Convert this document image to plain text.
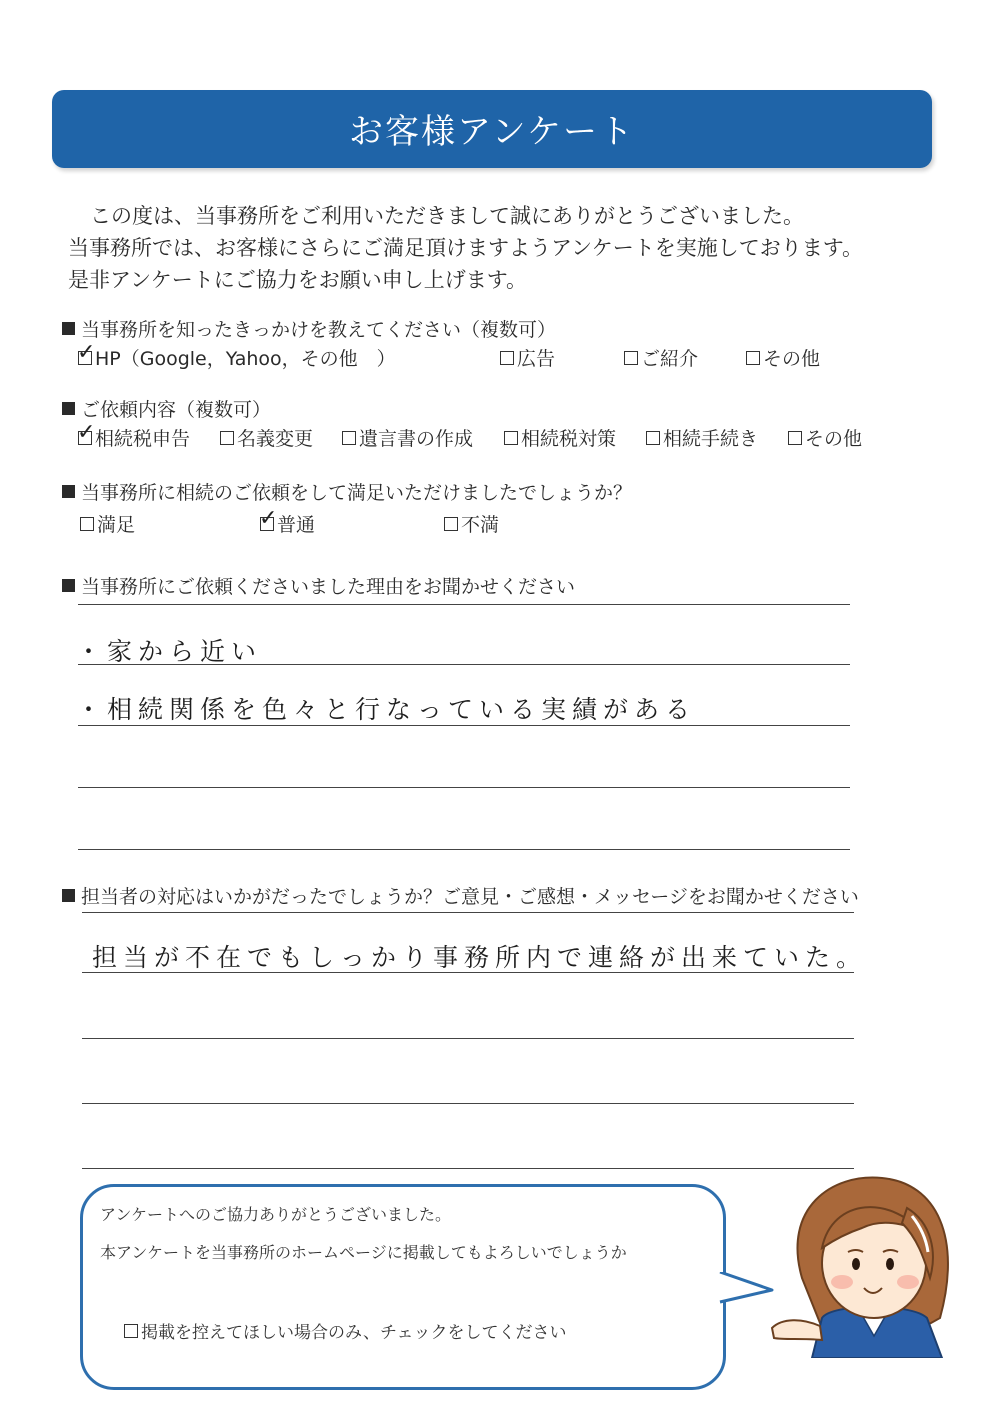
お客様アンケート
この度は、当事務所をご利用いただきまして誠にありがとうございました。
当事務所では、お客様にさらにご満足頂けますようアンケートを実施しております。
是非アンケートにご協力をお願い申し上げます。
当事務所を知ったきっかけを教えてください（複数可）
✓ HP（Google，Yahoo，その他　）	広告	ご紹介	その他
ご依頼内容（複数可）
✓ 相続税申告	名義変更	遺言書の作成	相続税対策	相続手続き	その他
当事務所に相続のご依頼をして満足いただけましたでしょうか？
満足	✓ 普通	不満
当事務所にご依頼くださいました理由をお聞かせください
・家から近い
・相続関係を色々と行なっている実績がある
担当者の対応はいかがだったでしょうか？ご意見・ご感想・メッセージをお聞かせください
担当が不在でもしっかり事務所内で連絡が出来ていた。
アンケートへのご協力ありがとうございました。
本アンケートを当事務所のホームページに掲載してもよろしいでしょうか
掲載を控えてほしい場合のみ、チェックをしてください
